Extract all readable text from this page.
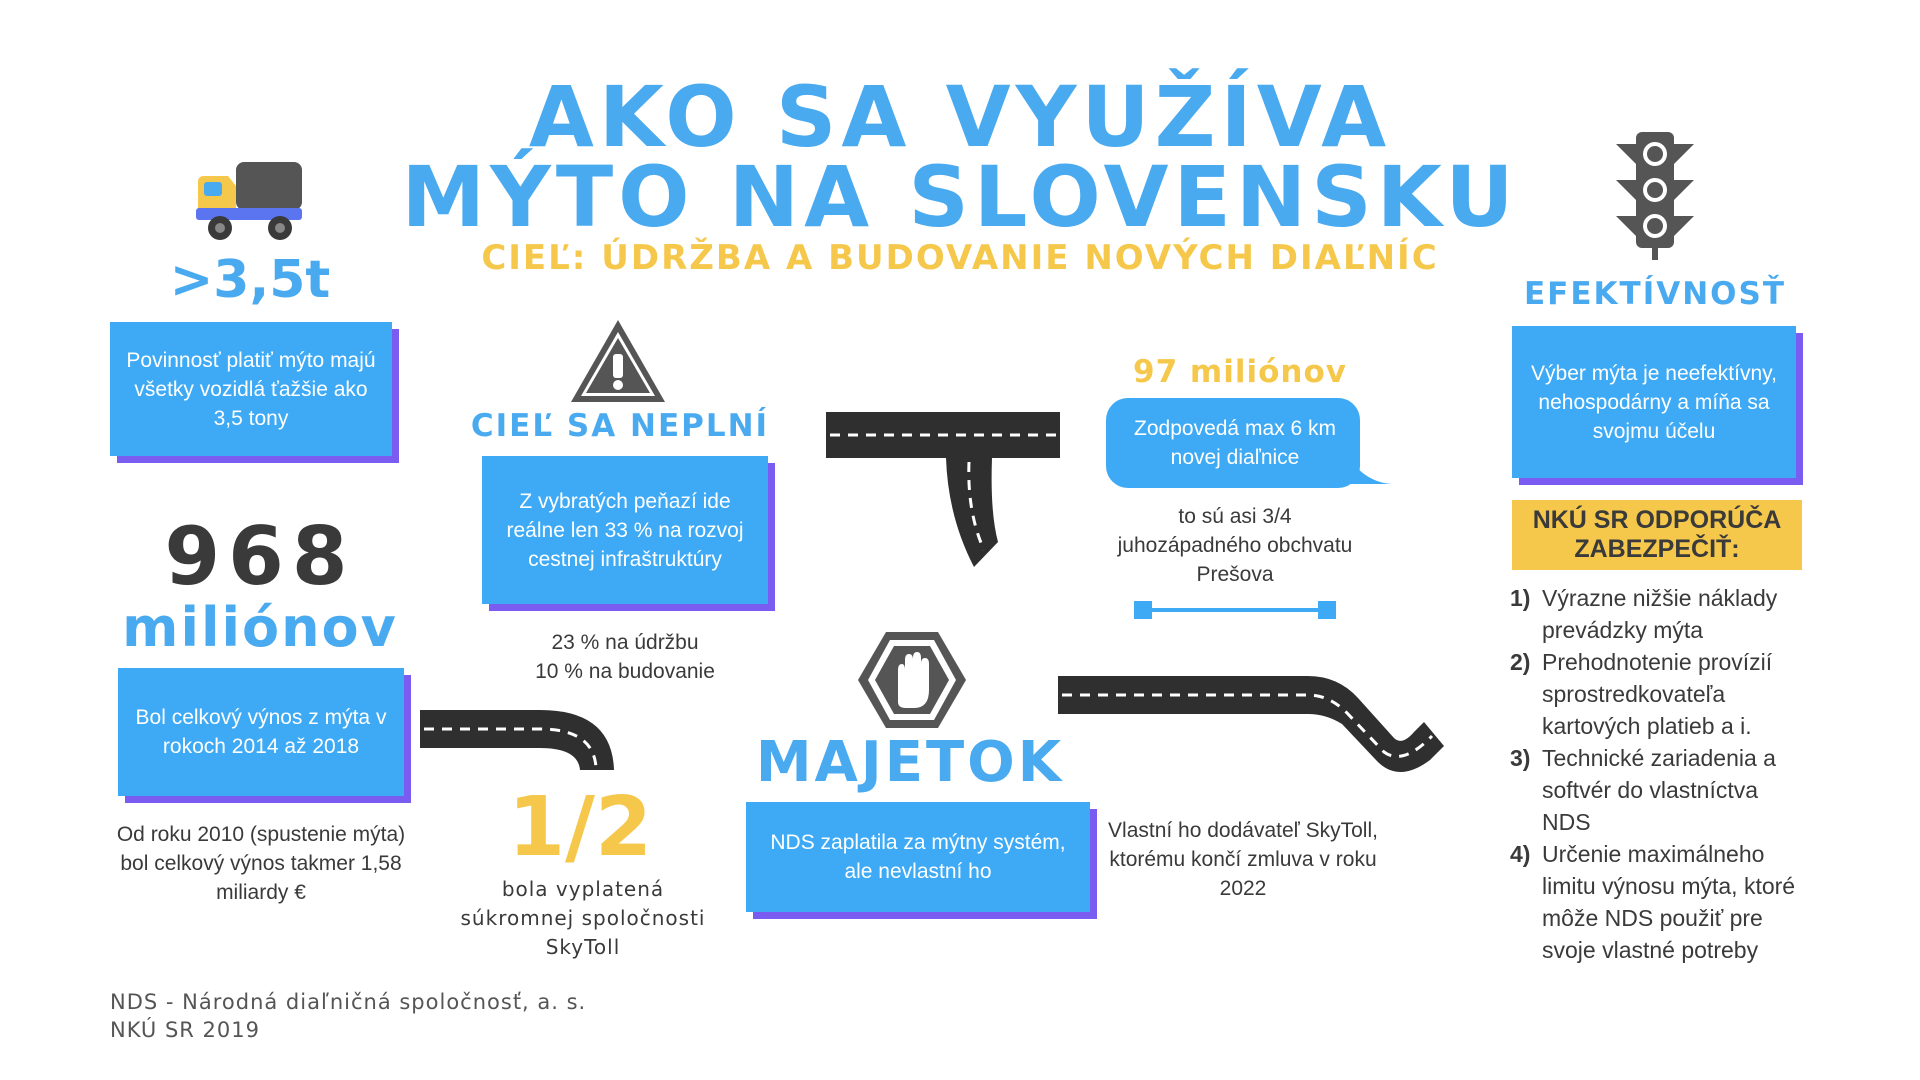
AKO SA VYUŽÍVA
MÝTO NA SLOVENSKU
CIEĽ: ÚDRŽBA A BUDOVANIE NOVÝCH DIAĽNÍC
>3,5t
Povinnosť platiť mýto majú všetky vozidlá ťažšie ako 3,5 tony
968
miliónov
Bol celkový výnos z mýta v rokoch 2014 až 2018
Od roku 2010 (spustenie mýta) bol celkový výnos takmer 1,58 miliardy €
CIEĽ SA NEPLNÍ
Z vybratých peňazí ide reálne len 33 % na rozvoj cestnej infraštruktúry
23 % na údržbu
10 % na budovanie
1/2
bola vyplatená súkromnej spoločnosti SkyToll
MAJETOK
NDS zaplatila za mýtny systém, ale nevlastní ho
Vlastní ho dodávateľ SkyToll, ktorému končí zmluva v roku 2022
97 miliónov
Zodpovedá max 6 km novej diaľnice
to sú asi 3/4 juhozápadného obchvatu Prešova
EFEKTÍVNOSŤ
Výber mýta je neefektívny, nehospodárny a míňa sa svojmu účelu
NKÚ SR ODPORÚČA ZABEZPEČIŤ:
1) Výrazne nižšie náklady prevádzky mýta
2) Prehodnotenie provízií sprostredkovateľa kartových platieb a i.
3) Technické zariadenia a softvér do vlastníctva NDS
4) Určenie maximálneho limitu výnosu mýta, ktoré môže NDS použiť pre svoje vlastné potreby
NDS - Národná diaľničná spoločnosť, a. s.
NKÚ SR 2019
